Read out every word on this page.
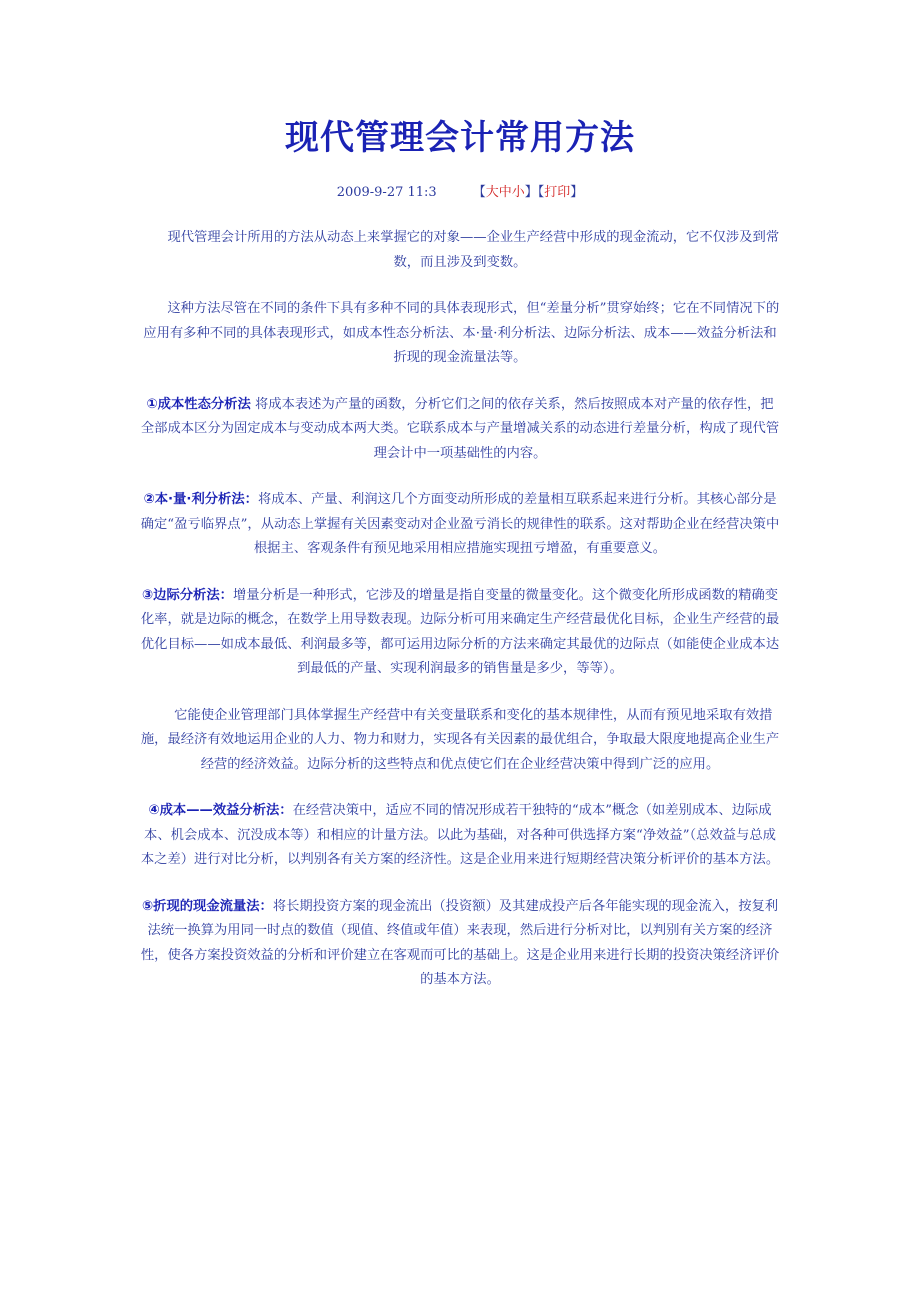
现代管理会计常用方法
2009-9-27 11:3	【大中小】【打印】

现代管理会计所用的方法从动态上来掌握它的对象——企业生产经营中形成的现金流动，它不仅涉及到常数，而且涉及到变数。

这种方法尽管在不同的条件下具有多种不同的具体表现形式，但“差量分析”贯穿始终；它在不同情况下的应用有多种不同的具体表现形式，如成本性态分析法、本·量·利分析法、边际分析法、成本——效益分析法和折现的现金流量法等。

①成本性态分析法 将成本表述为产量的函数，分析它们之间的依存关系，然后按照成本对产量的依存性，把全部成本区分为固定成本与变动成本两大类。它联系成本与产量增减关系的动态进行差量分析，构成了现代管理会计中一项基础性的内容。

②本·量·利分析法：将成本、产量、利润这几个方面变动所形成的差量相互联系起来进行分析。其核心部分是确定“盈亏临界点”，从动态上掌握有关因素变动对企业盈亏消长的规律性的联系。这对帮助企业在经营决策中根据主、客观条件有预见地采用相应措施实现扭亏增盈，有重要意义。

③边际分析法：增量分析是一种形式，它涉及的增量是指自变量的微量变化。这个微变化所形成函数的精确变化率，就是边际的概念，在数学上用导数表现。边际分析可用来确定生产经营最优化目标，企业生产经营的最优化目标——如成本最低、利润最多等，都可运用边际分析的方法来确定其最优的边际点（如能使企业成本达到最低的产量、实现利润最多的销售量是多少，等等）。

它能使企业管理部门具体掌握生产经营中有关变量联系和变化的基本规律性，从而有预见地采取有效措施，最经济有效地运用企业的人力、物力和财力，实现各有关因素的最优组合，争取最大限度地提高企业生产经营的经济效益。边际分析的这些特点和优点使它们在企业经营决策中得到广泛的应用。

④成本——效益分析法：在经营决策中，适应不同的情况形成若干独特的“成本”概念（如差别成本、边际成本、机会成本、沉没成本等）和相应的计量方法。以此为基础，对各种可供选择方案“净效益”（总效益与总成本之差）进行对比分析，以判别各有关方案的经济性。这是企业用来进行短期经营决策分析评价的基本方法。

⑤折现的现金流量法：将长期投资方案的现金流出（投资额）及其建成投产后各年能实现的现金流入，按复利法统一换算为用同一时点的数值（现值、终值或年值）来表现，然后进行分析对比，以判别有关方案的经济性，使各方案投资效益的分析和评价建立在客观而可比的基础上。这是企业用来进行长期的投资决策经济评价的基本方法。
